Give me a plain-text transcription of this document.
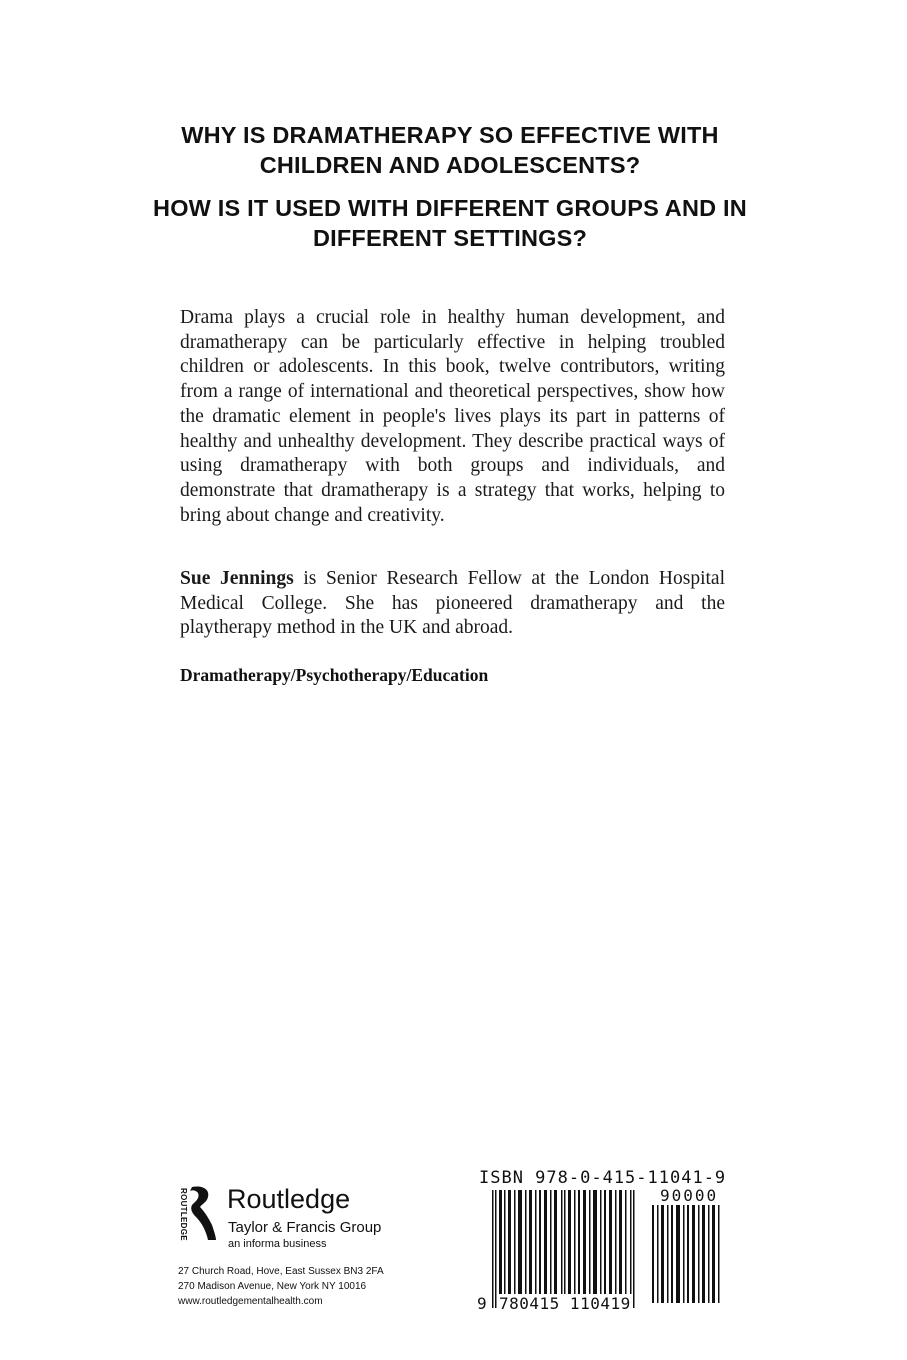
WHY IS DRAMATHERAPY SO EFFECTIVE WITH CHILDREN AND ADOLESCENTS?
HOW IS IT USED WITH DIFFERENT GROUPS AND IN DIFFERENT SETTINGS?

Drama plays a crucial role in healthy human development, and dramatherapy can be particularly effective in helping troubled children or adolescents. In this book, twelve contributors, writing from a range of international and theoretical perspectives, show how the dramatic element in people's lives plays its part in patterns of healthy and unhealthy development. They describe practical ways of using dramatherapy with both groups and individuals, and demonstrate that dramatherapy is a strategy that works, helping to bring about change and creativity.

Sue Jennings is Senior Research Fellow at the London Hospital Medical College. She has pioneered dramatherapy and the playtherapy method in the UK and abroad.

Dramatherapy/Psychotherapy/Education
ROUTLEDGE Routledge
Taylor & Francis Group
an informa business
27 Church Road, Hove, East Sussex BN3 2FA
270 Madison Avenue, New York NY 10016
www.routledgementalhealth.com
ISBN 978-0-415-11041-9
90000
9 780415 110419
